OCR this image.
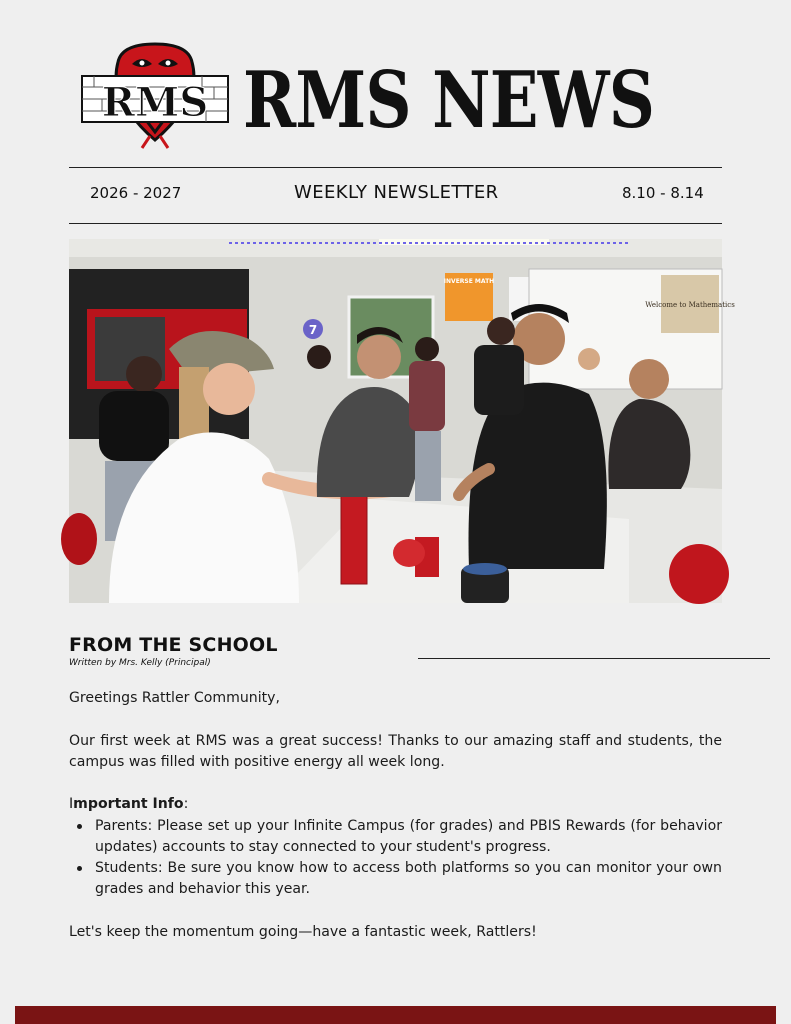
RMS RMS NEWS
2026 - 2027	WEEKLY NEWSLETTER	8.10 - 8.14
INVERSE MATH
Welcome to Mathematics
7
FROM THE SCHOOL
Written by Mrs. Kelly (Principal)
Greetings Rattler Community,
Our first week at RMS was a great success! Thanks to our amazing staff and students, the campus was filled with positive energy all week long.
Important Info:
Parents: Please set up your Infinite Campus (for grades) and PBIS Rewards (for behavior updates) accounts to stay connected to your student's progress.
Students: Be sure you know how to access both platforms so you can monitor your own grades and behavior this year.
Let's keep the momentum going—have a fantastic week, Rattlers!
